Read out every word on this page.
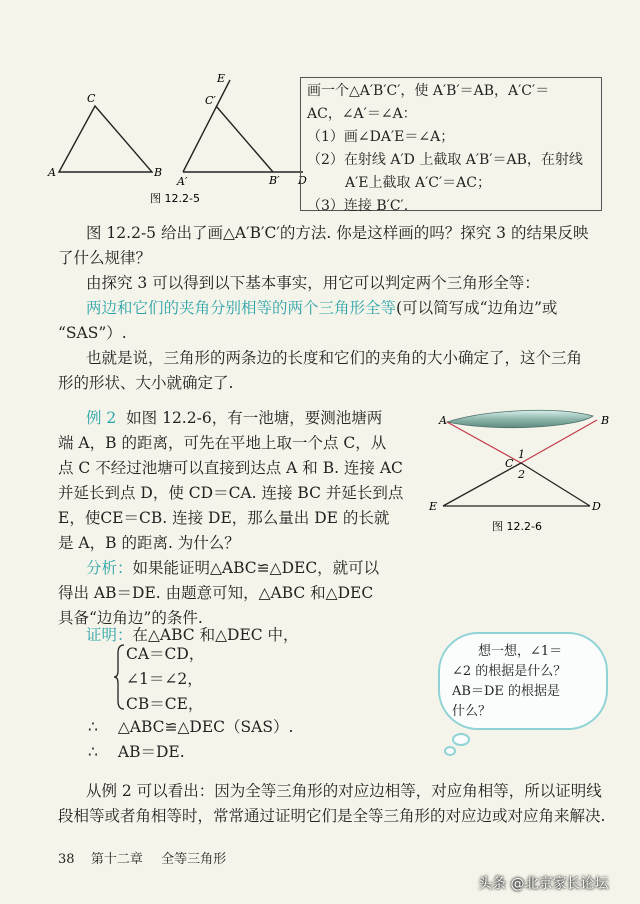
A
C
B
A′
C′
E
B′ D
图 12.2-5
画一个△A′B′C′，使 A′B′＝AB，A′C′＝
AC，∠A′＝∠A：
（1）画∠DA′E＝∠A；
（2）在射线 A′D 上截取 A′B′＝AB，在射线
A′E上截取 A′C′＝AC；
（3）连接 B′C′.
图 12.2-5 给出了画△A′B′C′的方法. 你是这样画的吗？探究 3 的结果反映
了什么规律？
由探究 3 可以得到以下基本事实，用它可以判定两个三角形全等：
两边和它们的夹角分别相等的两个三角形全等(可以简写成“边角边”或
“SAS”）.
也就是说，三角形的两条边的长度和它们的夹角的大小确定了，这个三角
形的形状、大小就确定了.
例 2 如图 12.2-6，有一池塘，要测池塘两
端 A，B 的距离，可先在平地上取一个点 C，从
点 C 不经过池塘可以直接到达点 A 和 B. 连接 AC
并延长到点 D，使 CD＝CA. 连接 BC 并延长到点
E，使CE＝CB. 连接 DE，那么量出 DE 的长就
是 A，B 的距离. 为什么？
分析：如果能证明△ABC≌△DEC，就可以
得出 AB＝DE. 由题意可知，△ABC 和△DEC
具备“边角边”的条件.
证明：在△ABC 和△DEC 中，
CA＝CD，
∠1＝∠2，
CB＝CE，
∴ △ABC≌△DEC（SAS）.
∴ AB＝DE.
A	B
C
1
2
E	D
图 12.2-6
想一想，∠1＝
∠2 的根据是什么？
AB＝DE 的根据是
什么？
从例 2 可以看出：因为全等三角形的对应边相等，对应角相等，所以证明线
段相等或者角相等时，常常通过证明它们是全等三角形的对应边或对应角来解决.
38 第十二章 全等三角形
头条 @北京家长论坛
